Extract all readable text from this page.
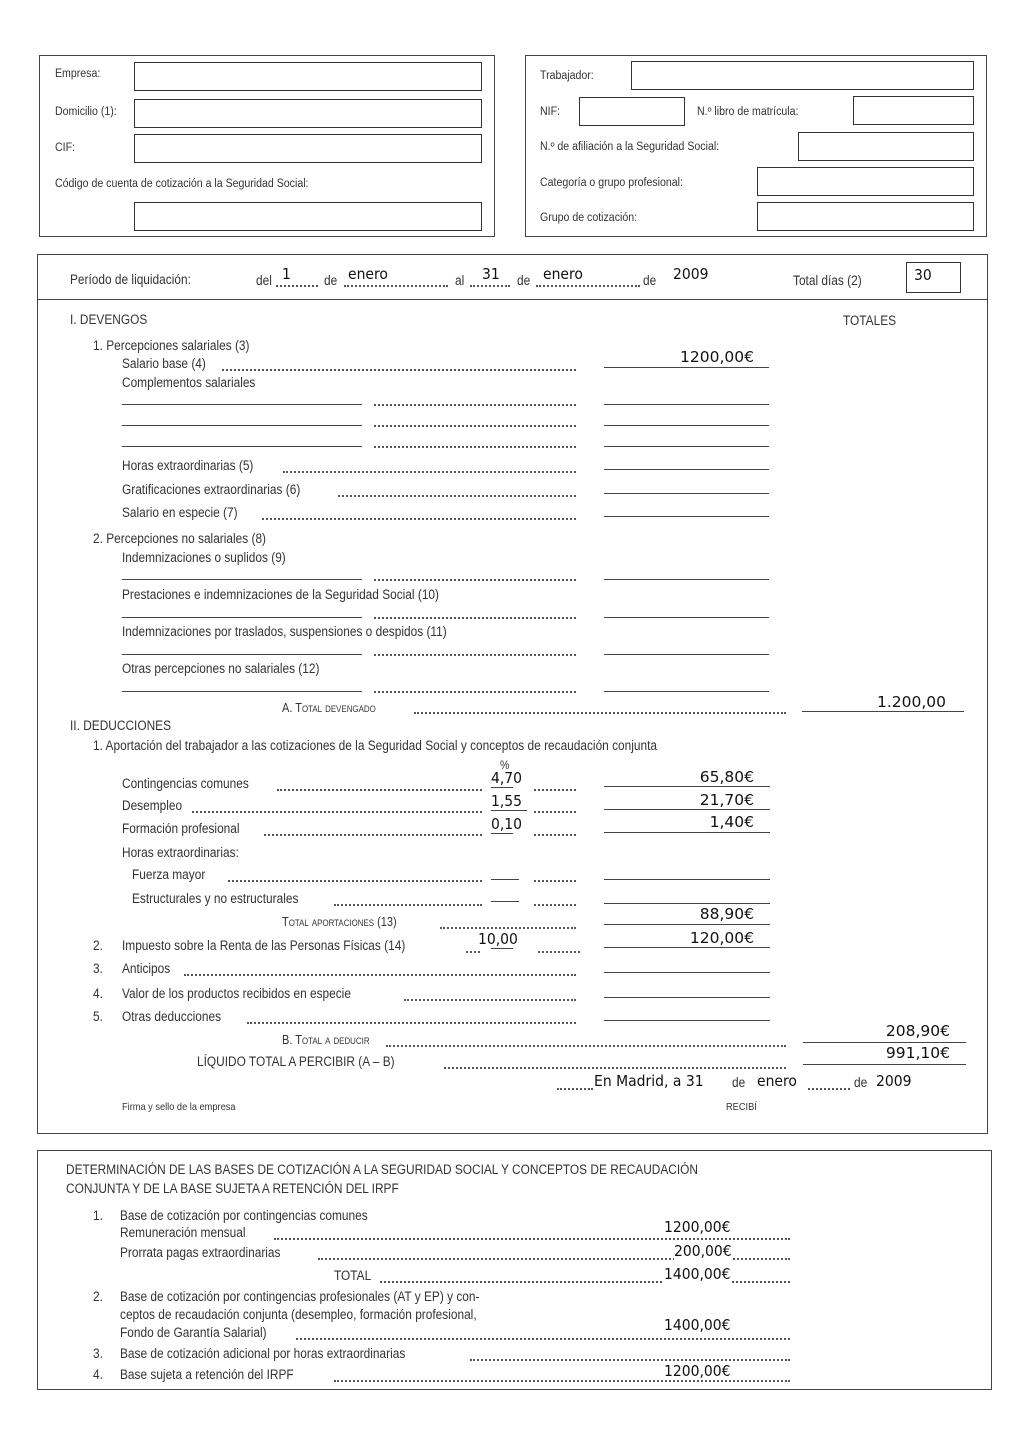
Empresa:
Domicilio (1):
CIF:
Código de cuenta de cotización a la Seguridad Social:
Trabajador:
NIF:	N.º libro de matrícula:
N.º de afiliación a la Seguridad Social:
Categoría o grupo profesional:
Grupo de cotización:
Período de liquidación:	del 1 de enero	al 31 de enero	de 2009	Total días (2)	30
I. DEVENGOS	TOTALES
1. Percepciones salariales (3)
Salario base (4)	1200,00€
Complementos salariales
Horas extraordinarias (5)
Gratificaciones extraordinarias (6)
Salario en especie (7)
2. Percepciones no salariales (8)
Indemnizaciones o suplidos (9)
Prestaciones e indemnizaciones de la Seguridad Social (10)
Indemnizaciones por traslados, suspensiones o despidos (11)
Otras percepciones no salariales (12)
A. Total devengado	1.200,00
II. DEDUCCIONES
1. Aportación del trabajador a las cotizaciones de la Seguridad Social y conceptos de recaudación conjunta
%
Contingencias comunes	4,70	65,80€
Desempleo	1,55	21,70€
Formación profesional	0,10	1,40€
Horas extraordinarias:
Fuerza mayor
Estructurales y no estructurales
Total aportaciones (13)	88,90€
2. Impuesto sobre la Renta de las Personas Físicas (14)	10,00	120,00€
3. Anticipos
4. Valor de los productos recibidos en especie
5. Otras deducciones
B. Total a deducir	208,90€
LÍQUIDO TOTAL A PERCIBIR (A – B)	991,10€
En Madrid, a 31 de enero	de 2009
Firma y sello de la empresa	RECIBÍ
DETERMINACIÓN DE LAS BASES DE COTIZACIÓN A LA SEGURIDAD SOCIAL Y CONCEPTOS DE RECAUDACIÓN
CONJUNTA Y DE LA BASE SUJETA A RETENCIÓN DEL IRPF
1. Base de cotización por contingencias comunes
Remuneración mensual	1200,00€
Prorrata pagas extraordinarias	200,00€
TOTAL	1400,00€
2. Base de cotización por contingencias profesionales (AT y EP) y con-
ceptos de recaudación conjunta (desempleo, formación profesional,
Fondo de Garantía Salarial)	1400,00€
3. Base de cotización adicional por horas extraordinarias
4. Base sujeta a retención del IRPF	1200,00€
